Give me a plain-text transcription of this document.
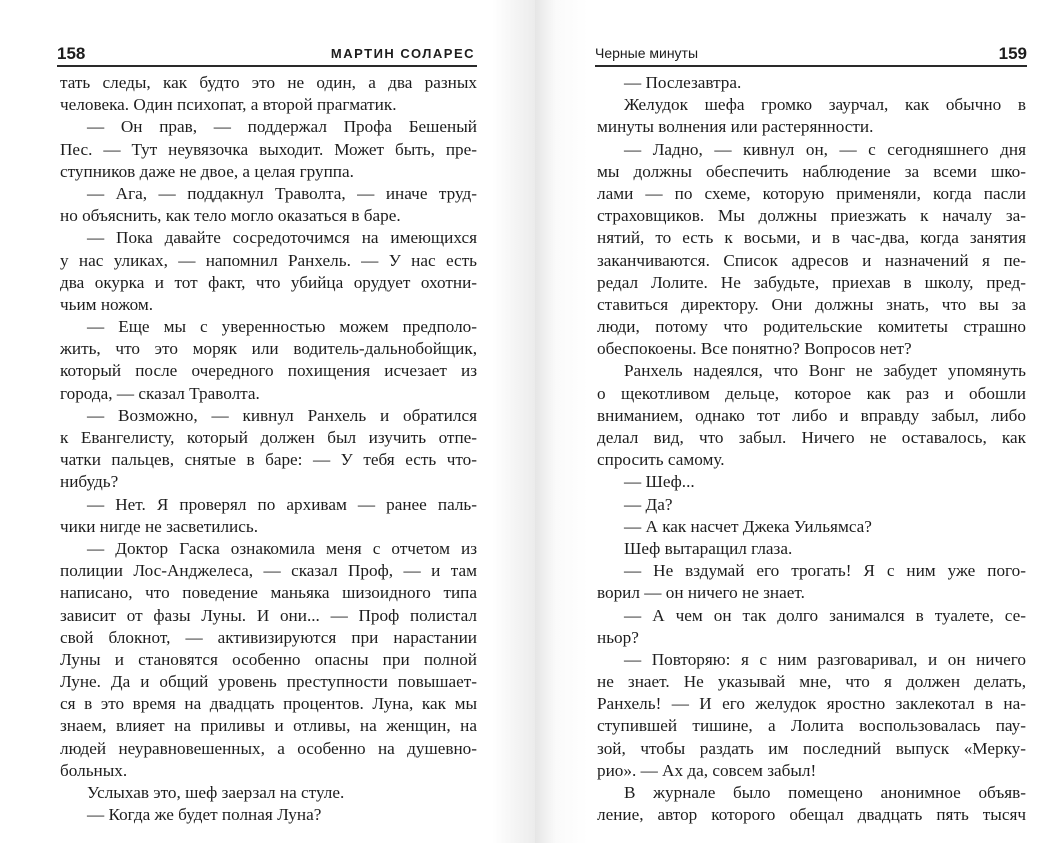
158	МАРТИН СОЛАРЕС
тать следы, как будто это не один, а два разных
человека. Один психопат, а второй прагматик.
— Он прав, — поддержал Профа Бешеный
Пес. — Тут неувязочка выходит. Может быть, пре-
ступников даже не двое, а целая группа.
— Ага, — поддакнул Траволта, — иначе труд-
но объяснить, как тело могло оказаться в баре.
— Пока давайте сосредоточимся на имеющихся
у нас уликах, — напомнил Ранхель. — У нас есть
два окурка и тот факт, что убийца орудует охотни-
чьим ножом.
— Еще мы с уверенностью можем предполо-
жить, что это моряк или водитель-дальнобойщик,
который после очередного похищения исчезает из
города, — сказал Траволта.
— Возможно, — кивнул Ранхель и обратился
к Евангелисту, который должен был изучить отпе-
чатки пальцев, снятые в баре: — У тебя есть что-
нибудь?
— Нет. Я проверял по архивам — ранее паль-
чики нигде не засветились.
— Доктор Гаска ознакомила меня с отчетом из
полиции Лос-Анджелеса, — сказал Проф, — и там
написано, что поведение маньяка шизоидного типа
зависит от фазы Луны. И они... — Проф полистал
свой блокнот, — активизируются при нарастании
Луны и становятся особенно опасны при полной
Луне. Да и общий уровень преступности повышает-
ся в это время на двадцать процентов. Луна, как мы
знаем, влияет на приливы и отливы, на женщин, на
людей неуравновешенных, а особенно на душевно-
больных.
Услыхав это, шеф заерзал на стуле.
— Когда же будет полная Луна?
Черные минуты	159
— Послезавтра.
Желудок шефа громко заурчал, как обычно в
минуты волнения или растерянности.
— Ладно, — кивнул он, — с сегодняшнего дня
мы должны обеспечить наблюдение за всеми шко-
лами — по схеме, которую применяли, когда пасли
страховщиков. Мы должны приезжать к началу за-
нятий, то есть к восьми, и в час-два, когда занятия
заканчиваются. Список адресов и назначений я пе-
редал Лолите. Не забудьте, приехав в школу, пред-
ставиться директору. Они должны знать, что вы за
люди, потому что родительские комитеты страшно
обеспокоены. Все понятно? Вопросов нет?
Ранхель надеялся, что Вонг не забудет упомянуть
о щекотливом дельце, которое как раз и обошли
вниманием, однако тот либо и вправду забыл, либо
делал вид, что забыл. Ничего не оставалось, как
спросить самому.
— Шеф...
— Да?
— А как насчет Джека Уильямса?
Шеф вытаращил глаза.
— Не вздумай его трогать! Я с ним уже пого-
ворил — он ничего не знает.
— А чем он так долго занимался в туалете, се-
ньор?
— Повторяю: я с ним разговаривал, и он ничего
не знает. Не указывай мне, что я должен делать,
Ранхель! — И его желудок яростно заклекотал в на-
ступившей тишине, а Лолита воспользовалась пау-
зой, чтобы раздать им последний выпуск «Мерку-
рио». — Ах да, совсем забыл!
В журнале было помещено анонимное объяв-
ление, автор которого обещал двадцать пять тысяч
